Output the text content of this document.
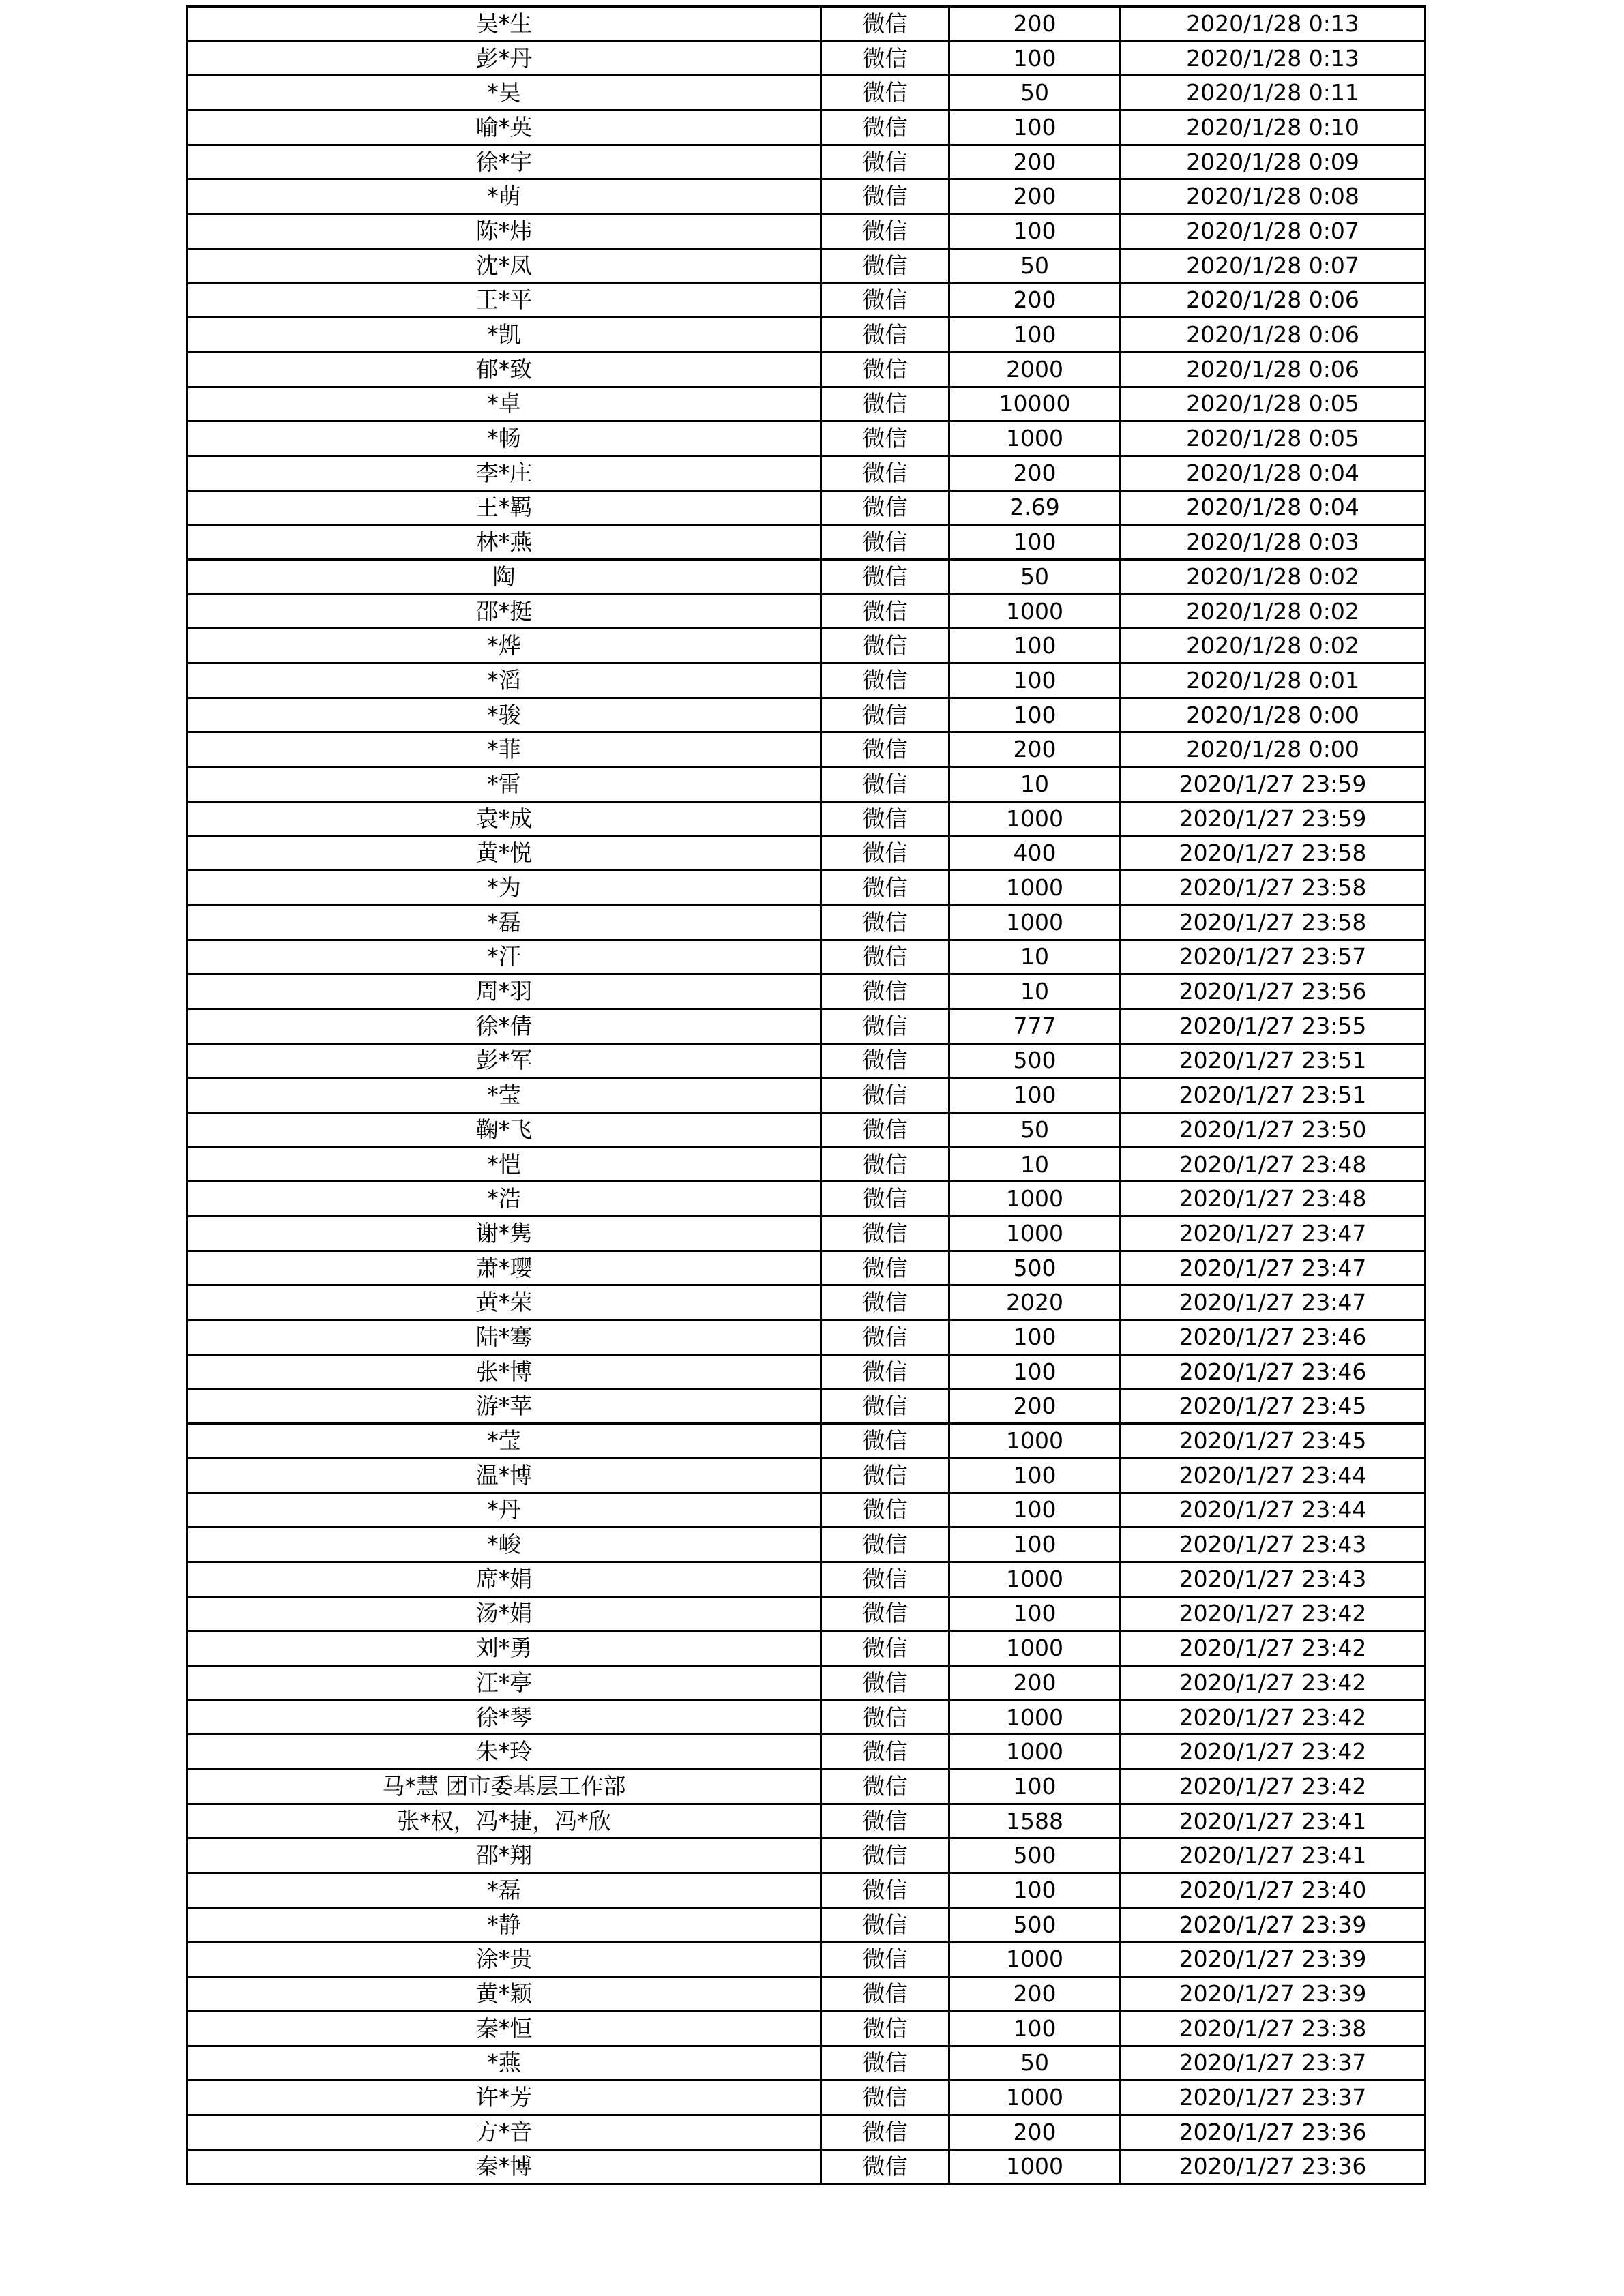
吴*生	微信	200	2020/1/28 0:13
彭*丹	微信	100	2020/1/28 0:13
*昊	微信	50	2020/1/28 0:11
喻*英	微信	100	2020/1/28 0:10
徐*宇	微信	200	2020/1/28 0:09
*萌	微信	200	2020/1/28 0:08
陈*炜	微信	100	2020/1/28 0:07
沈*凤	微信	50	2020/1/28 0:07
王*平	微信	200	2020/1/28 0:06
*凯	微信	100	2020/1/28 0:06
郁*致	微信	2000	2020/1/28 0:06
*卓	微信	10000	2020/1/28 0:05
*畅	微信	1000	2020/1/28 0:05
李*庄	微信	200	2020/1/28 0:04
王*羁	微信	2.69	2020/1/28 0:04
林*燕	微信	100	2020/1/28 0:03
陶	微信	50	2020/1/28 0:02
邵*挺	微信	1000	2020/1/28 0:02
*烨	微信	100	2020/1/28 0:02
*滔	微信	100	2020/1/28 0:01
*骏	微信	100	2020/1/28 0:00
*菲	微信	200	2020/1/28 0:00
*雷	微信	10	2020/1/27 23:59
袁*成	微信	1000	2020/1/27 23:59
黄*悦	微信	400	2020/1/27 23:58
*为	微信	1000	2020/1/27 23:58
*磊	微信	1000	2020/1/27 23:58
*汗	微信	10	2020/1/27 23:57
周*羽	微信	10	2020/1/27 23:56
徐*倩	微信	777	2020/1/27 23:55
彭*军	微信	500	2020/1/27 23:51
*莹	微信	100	2020/1/27 23:51
鞠*飞	微信	50	2020/1/27 23:50
*恺	微信	10	2020/1/27 23:48
*浩	微信	1000	2020/1/27 23:48
谢*隽	微信	1000	2020/1/27 23:47
萧*璎	微信	500	2020/1/27 23:47
黄*荣	微信	2020	2020/1/27 23:47
陆*骞	微信	100	2020/1/27 23:46
张*博	微信	100	2020/1/27 23:46
游*苹	微信	200	2020/1/27 23:45
*莹	微信	1000	2020/1/27 23:45
温*博	微信	100	2020/1/27 23:44
*丹	微信	100	2020/1/27 23:44
*峻	微信	100	2020/1/27 23:43
席*娟	微信	1000	2020/1/27 23:43
汤*娟	微信	100	2020/1/27 23:42
刘*勇	微信	1000	2020/1/27 23:42
汪*亭	微信	200	2020/1/27 23:42
徐*琴	微信	1000	2020/1/27 23:42
朱*玲	微信	1000	2020/1/27 23:42
马*慧 团市委基层工作部	微信	100	2020/1/27 23:42
张*权，冯*捷，冯*欣	微信	1588	2020/1/27 23:41
邵*翔	微信	500	2020/1/27 23:41
*磊	微信	100	2020/1/27 23:40
*静	微信	500	2020/1/27 23:39
涂*贵	微信	1000	2020/1/27 23:39
黄*颖	微信	200	2020/1/27 23:39
秦*恒	微信	100	2020/1/27 23:38
*燕	微信	50	2020/1/27 23:37
许*芳	微信	1000	2020/1/27 23:37
方*音	微信	200	2020/1/27 23:36
秦*博	微信	1000	2020/1/27 23:36
